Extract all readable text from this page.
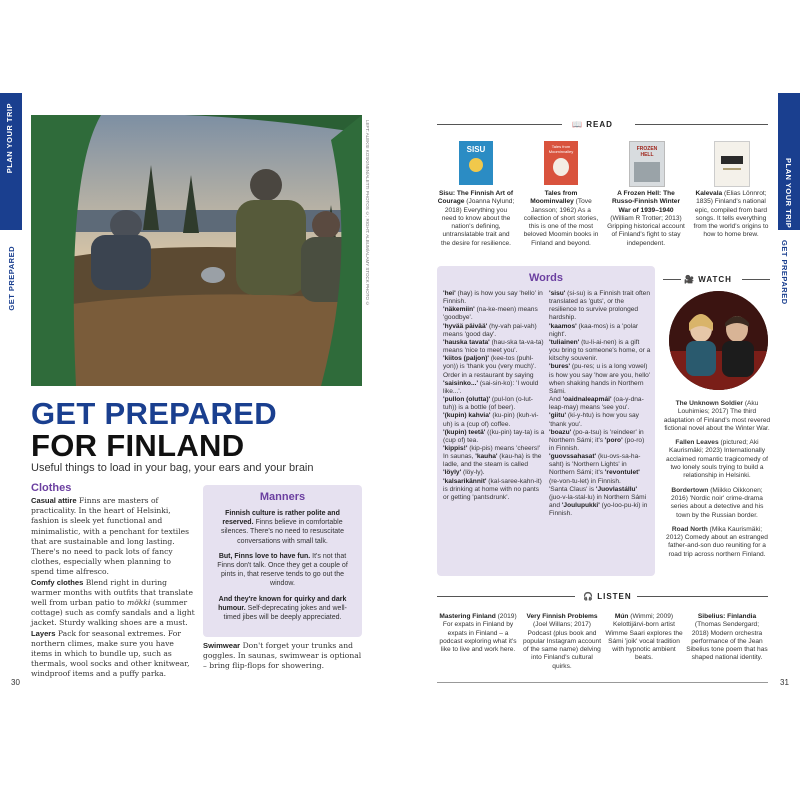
PLAN YOUR TRIP
GET PREPARED	LEFT: ALEKSI KOSKINEN/ALETTI PHOTOS ©; RIGHT: ALBUM/ALAMY STOCK PHOTO ©
GET PREPARED
FOR FINLAND
Useful things to load in your bag, your ears and your brain
Clothes
Casual attire Finns are masters of practicality. In the heart of Helsinki, fashion is sleek yet functional and minimalistic, with a penchant for textiles that are sustainable and long lasting. There's no need to pack lots of fancy clothes, especially when planning to spend time alfresco.
Comfy clothes Blend right in during warmer months with outfits that translate well from urban patio to mökki (summer cottage) such as comfy sandals and a light jacket. Sturdy walking shoes are a must.
Layers Pack for seasonal extremes. For northern climes, make sure you have items in which to bundle up, such as thermals, wool socks and other knitwear, windproof items and a puffy parka.
Manners

Finnish culture is rather polite and reserved. Finns believe in comfortable silences. There's no need to resuscitate conversations with small talk.

But, Finns love to have fun. It's not that Finns don't talk. Once they get a couple of pints in, that reserve tends to go out the window.

And they're known for quirky and dark humour. Self-deprecating jokes and well-timed jibes will be deeply appreciated.

Swimwear Don't forget your trunks and goggles. In saunas, swimwear is optional – bring flip-flops for showering.
30
PLAN YOUR TRIP
GET PREPARED
📖 READ
SISU	Tales from Moominvalley	FROZEN HELL
Sisu: The Finnish Art of Courage (Joanna Nylund; 2018) Everything you need to know about the nation's defining, untranslatable trait and the desire for resilience.
Tales from Moominvalley (Tove Jansson; 1962) As a collection of short stories, this is one of the most beloved Moomin books in Finland and beyond.
A Frozen Hell: The Russo-Finnish Winter War of 1939–1940 (William R Trotter; 2013) Gripping historical account of Finland's fight to stay independent.
Kalevala (Elias Lönnrot; 1835) Finland's national epic, compiled from bard songs. It tells everything from the world's origins to how to home brew.
Words
'hei' (hay) is how you say 'hello' in Finnish.
'näkemiin' (na-ke-meen) means 'goodbye'.
'hyvää päivää' (hy-vah pai-vah) means 'good day'.
'hauska tavata' (hau-ska ta-va-ta) means 'nice to meet you'.
'kiitos (paljon)' (kee-tos (puhl-yon)) is 'thank you (very much)'.
Order in a restaurant by saying 'saisinko...' (sai-sin-ko): 'I would like...'.
'pullon (olutta)' (pul-lon (o-lut-tuh)) is a bottle (of beer).
'(kupin) kahvia' (ku-pin) (kuh-vi-uh) is a (cup of) coffee.
'(kupin) teetä' ((ku-pin) tay-ta) is a (cup of) tea.
'kippis!' (kip-pis) means 'cheers!'
In saunas, 'kauha' (kau-ha) is the ladle, and the steam is called 'löyly' (löy-ly).
'kalsarikännit' (kal-saree-kahn-it) is drinking at home with no pants or getting 'pantsdrunk'.

'sisu' (si-su) is a Finnish trait often translated as 'guts', or the resilience to survive prolonged hardship.
'kaamos' (kaa-mos) is a 'polar night'.
'tuliainen' (tu-li-ai-nen) is a gift you bring to someone's home, or a kitschy souvenir.
'bures' (pu-res; u is a long vowel) is how you say 'how are you, hello' when shaking hands in Northern Sámi.
And 'oaidnaleapmái' (oa-y-dna-leap-may) means 'see you'.
'giitu' (ki-y-htu) is how you say 'thank you'.
'boazu' (po-a-tsu) is 'reindeer' in Northern Sámi; it's 'poro' (po-ro) in Finnish.
'guovssahasat' (ku-ovs-sa-ha-saht) is 'Northern Lights' in Northern Sámi; it's 'revontulet' (re-von-tu-let) in Finnish.
'Santa Claus' is 'Juovlastállu' (juo-v-la-stal-lu) in Northern Sámi and 'Joulupukki' (yo-loo-pu-ki) in Finnish.

🎥 WATCH

The Unknown Soldier (Aku Louhimies; 2017) The third adaptation of Finland's most revered fictional novel about the Winter War.

Fallen Leaves (pictured; Aki Kaurismäki; 2023) Internationally acclaimed romantic tragicomedy of two lonely souls trying to build a relationship in Helsinki.

Bordertown (Miikko Oikkonen; 2016) 'Nordic noir' crime-drama series about a detective and his town by the Russian border.

Road North (Mika Kaurismäki; 2012) Comedy about an estranged father-and-son duo reuniting for a road trip across northern Finland.

🎧 LISTEN
Mastering Finland (2019) For expats in Finland by expats in Finland – a podcast exploring what it's like to live and work here.
Very Finnish Problems (Joel Willans; 2017) Podcast (plus book and popular Instagram account of the same name) delving into Finland's cultural quirks.
Mún (Wimmi; 2009) Kelottijärvi-born artist Wimme Saari explores the Sámi 'joik' vocal tradition with hypnotic ambient beats.
Sibelius: Finlandia (Thomas Sendergard; 2018) Modern orchestra performance of the Jean Sibelius tone poem that has shaped national identity.
31
